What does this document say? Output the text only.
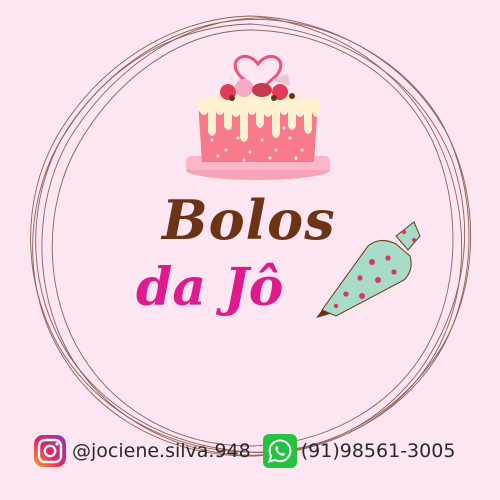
Bolos
da Jô
@jociene.silva.948	(91)98561-3005
